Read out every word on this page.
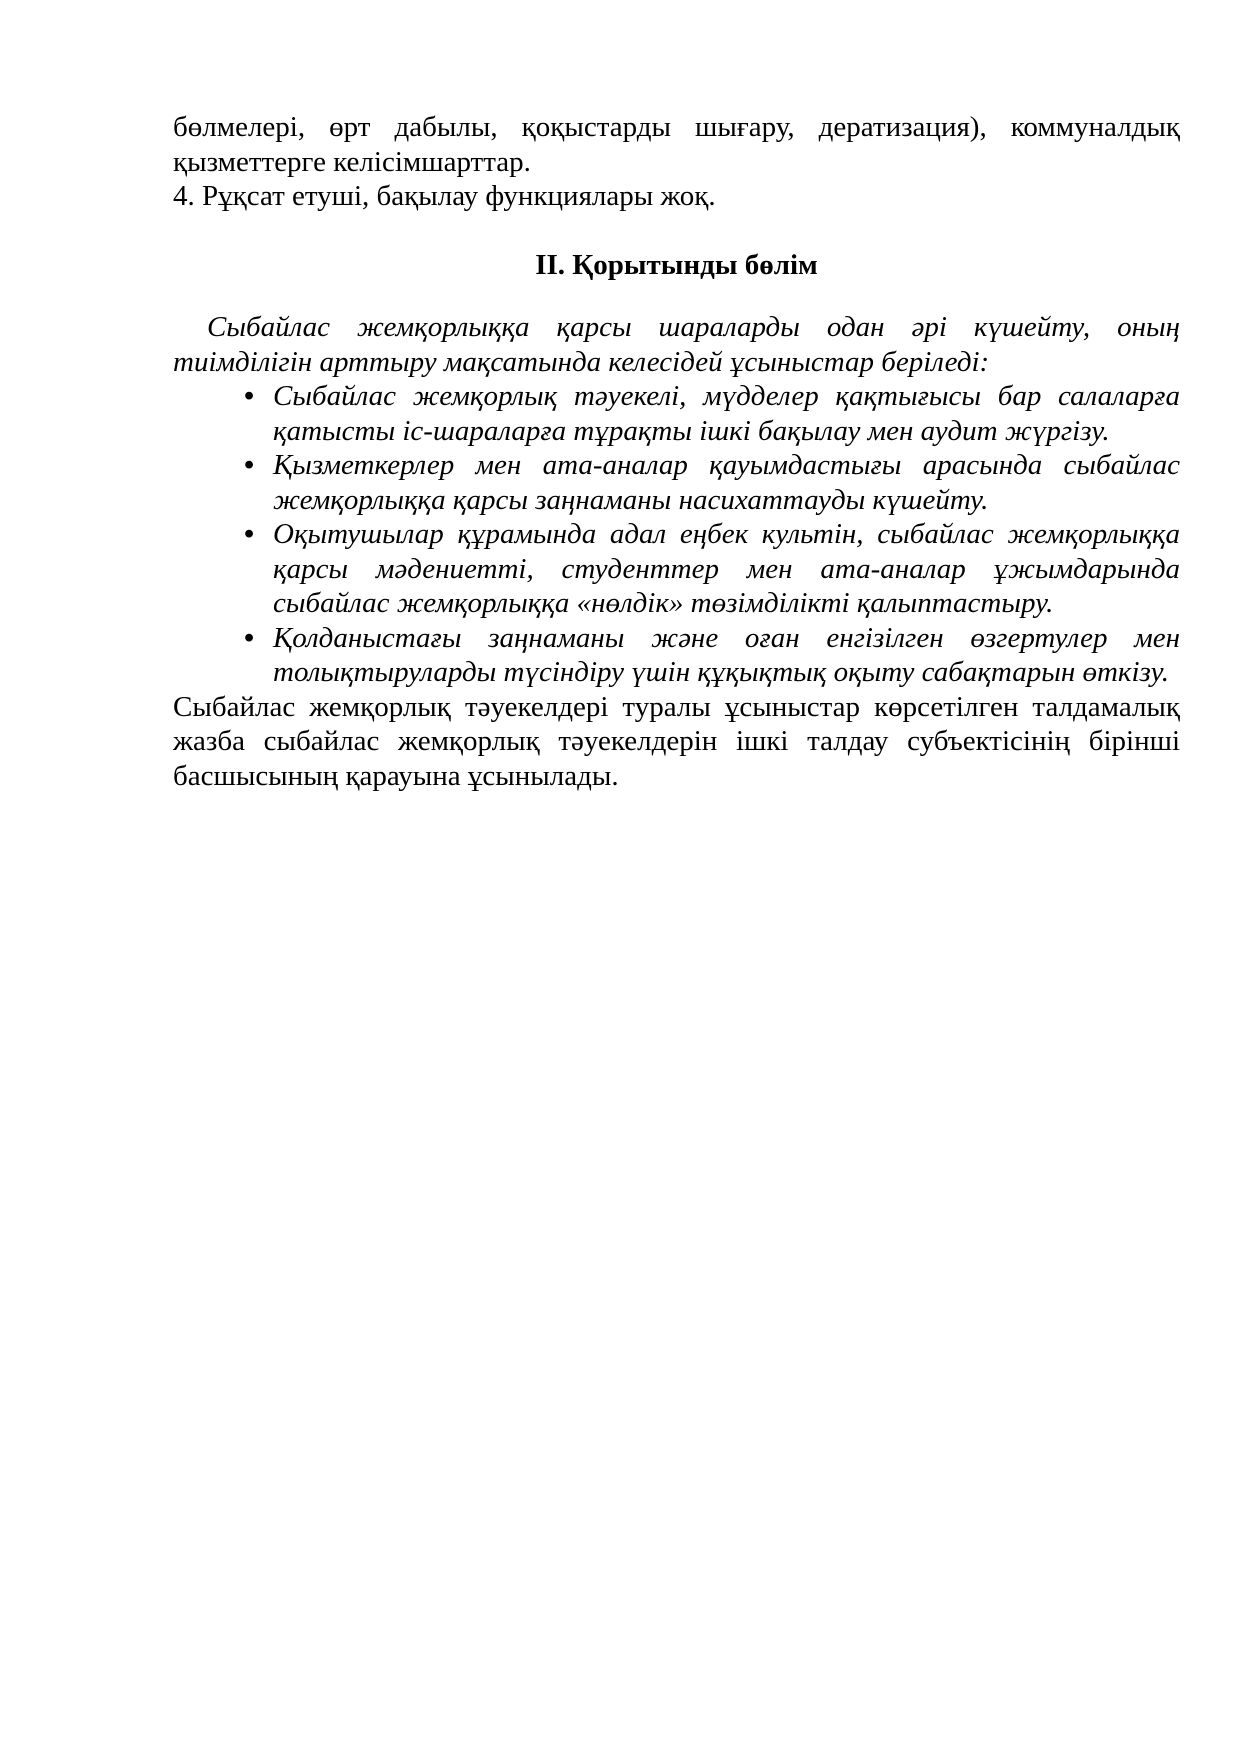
бөлмелері, өрт дабылы, қоқыстарды шығару, дератизация), коммуналдық қызметтерге келісімшарттар.

4. Рұқсат етуші, бақылау функциялары жоқ.

ІІ. Қорытынды бөлім

Сыбайлас жемқорлыққа қарсы шараларды одан әрі күшейту, оның тиімділігін арттыру мақсатында келесідей ұсыныстар беріледі:

• Сыбайлас жемқорлық тәуекелі, мүдделер қақтығысы бар салаларға қатысты іс-шараларға тұрақты ішкі бақылау мен аудит жүргізу.
• Қызметкерлер мен ата-аналар қауымдастығы арасында сыбайлас жемқорлыққа қарсы заңнаманы насихаттауды күшейту.
• Оқытушылар құрамында адал еңбек культін, сыбайлас жемқорлыққа қарсы мәдениетті, студенттер мен ата-аналар ұжымдарында сыбайлас жемқорлыққа «нөлдік» төзімділікті қалыптастыру.
• Қолданыстағы заңнаманы және оған енгізілген өзгертулер мен толықтыруларды түсіндіру үшін құқықтық оқыту сабақтарын өткізу.

Сыбайлас жемқорлық тәуекелдері туралы ұсыныстар көрсетілген талдамалық жазба сыбайлас жемқорлық тәуекелдерін ішкі талдау субъектісінің бірінші басшысының қарауына ұсынылады.
